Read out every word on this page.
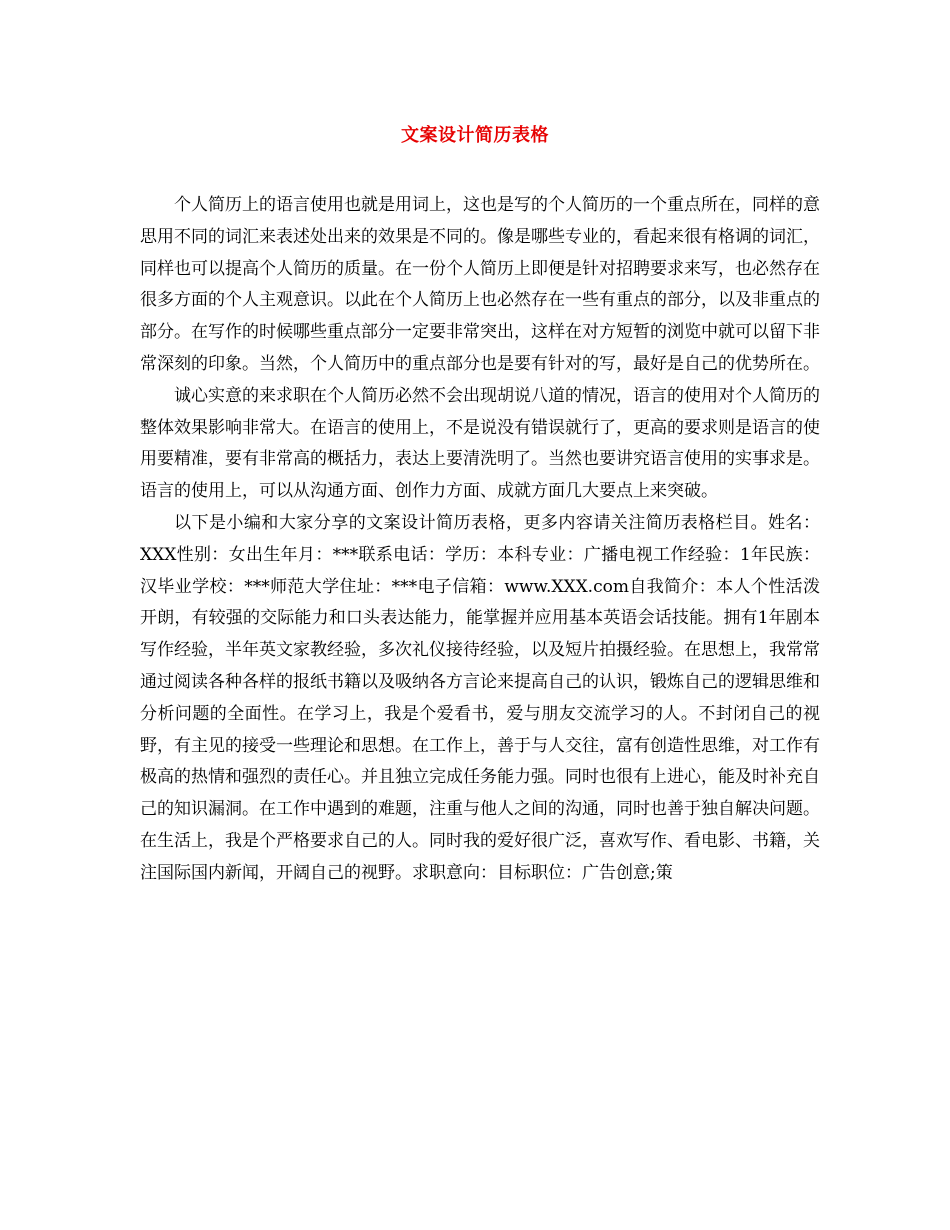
文案设计简历表格

个人简历上的语言使用也就是用词上，这也是写的个人简历的一个重点所在，同样的意思用不同的词汇来表述处出来的效果是不同的。像是哪些专业的，看起来很有格调的词汇，同样也可以提高个人简历的质量。在一份个人简历上即便是针对招聘要求来写，也必然存在很多方面的个人主观意识。以此在个人简历上也必然存在一些有重点的部分，以及非重点的部分。在写作的时候哪些重点部分一定要非常突出，这样在对方短暂的浏览中就可以留下非常深刻的印象。当然，个人简历中的重点部分也是要有针对的写，最好是自己的优势所在。

诚心实意的来求职在个人简历必然不会出现胡说八道的情况，语言的使用对个人简历的整体效果影响非常大。在语言的使用上，不是说没有错误就行了，更高的要求则是语言的使用要精准，要有非常高的概括力，表达上要清洗明了。当然也要讲究语言使用的实事求是。语言的使用上，可以从沟通方面、创作力方面、成就方面几大要点上来突破。

以下是小编和大家分享的文案设计简历表格，更多内容请关注简历表格栏目。姓名：XXX性别：女出生年月：***联系电话：学历：本科专业：广播电视工作经验：1年民族：汉毕业学校：***师范大学住址：***电子信箱：www.XXX.com自我简介：本人个性活泼开朗，有较强的交际能力和口头表达能力，能掌握并应用基本英语会话技能。拥有1年剧本写作经验，半年英文家教经验，多次礼仪接待经验，以及短片拍摄经验。在思想上，我常常通过阅读各种各样的报纸书籍以及吸纳各方言论来提高自己的认识，锻炼自己的逻辑思维和分析问题的全面性。在学习上，我是个爱看书，爱与朋友交流学习的人。不封闭自己的视野，有主见的接受一些理论和思想。在工作上，善于与人交往，富有创造性思维，对工作有极高的热情和强烈的责任心。并且独立完成任务能力强。同时也很有上进心，能及时补充自己的知识漏洞。在工作中遇到的难题，注重与他人之间的沟通，同时也善于独自解决问题。在生活上，我是个严格要求自己的人。同时我的爱好很广泛，喜欢写作、看电影、书籍，关注国际国内新闻，开阔自己的视野。求职意向：目标职位：广告创意;策
